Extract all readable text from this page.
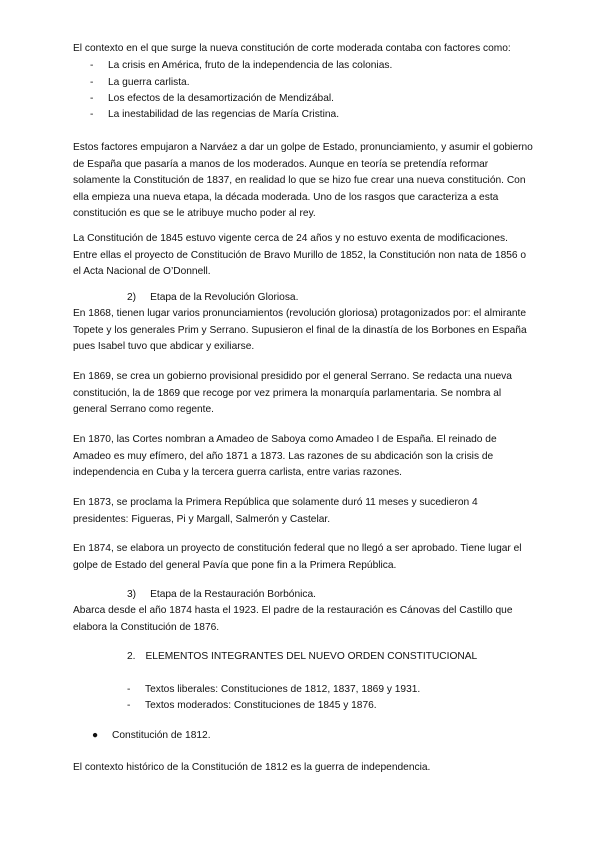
El contexto en el que surge la nueva constitución de corte moderada contaba con factores como:

- La crisis en América, fruto de la independencia de las colonias.

- La guerra carlista.

- Los efectos de la desamortización de Mendizábal.

- La inestabilidad de las regencias de María Cristina.

Estos factores empujaron a Narváez a dar un golpe de Estado, pronunciamiento, y asumir el gobierno de España que pasaría a manos de los moderados. Aunque en teoría se pretendía reformar solamente la Constitución de 1837, en realidad lo que se hizo fue crear una nueva constitución. Con ella empieza una nueva etapa, la década moderada. Uno de los rasgos que caracteriza a esta constitución es que se le atribuye mucho poder al rey.

La Constitución de 1845 estuvo vigente cerca de 24 años y no estuvo exenta de modificaciones. Entre ellas el proyecto de Constitución de Bravo Murillo de 1852, la Constitución non nata de 1856 o el Acta Nacional de O’Donnell.

2) Etapa de la Revolución Gloriosa.

En 1868, tienen lugar varios pronunciamientos (revolución gloriosa) protagonizados por: el almirante Topete y los generales Prim y Serrano. Supusieron el final de la dinastía de los Borbones en España pues Isabel tuvo que abdicar y exiliarse.

En 1869, se crea un gobierno provisional presidido por el general Serrano. Se redacta una nueva constitución, la de 1869 que recoge por vez primera la monarquía parlamentaria. Se nombra al general Serrano como regente.

En 1870, las Cortes nombran a Amadeo de Saboya como Amadeo I de España. El reinado de Amadeo es muy efímero, del año 1871 a 1873. Las razones de su abdicación son la crisis de independencia en Cuba y la tercera guerra carlista, entre varias razones.

En 1873, se proclama la Primera República que solamente duró 11 meses y sucedieron 4 presidentes: Figueras, Pi y Margall, Salmerón y Castelar.

En 1874, se elabora un proyecto de constitución federal que no llegó a ser aprobado. Tiene lugar el golpe de Estado del general Pavía que pone fin a la Primera República.

3) Etapa de la Restauración Borbónica.

Abarca desde el año 1874 hasta el 1923. El padre de la restauración es Cánovas del Castillo que elabora la Constitución de 1876.

2. ELEMENTOS INTEGRANTES DEL NUEVO ORDEN CONSTITUCIONAL

- Textos liberales: Constituciones de 1812, 1837, 1869 y 1931.

- Textos moderados: Constituciones de 1845 y 1876.

● Constitución de 1812.

El contexto histórico de la Constitución de 1812 es la guerra de independencia.
